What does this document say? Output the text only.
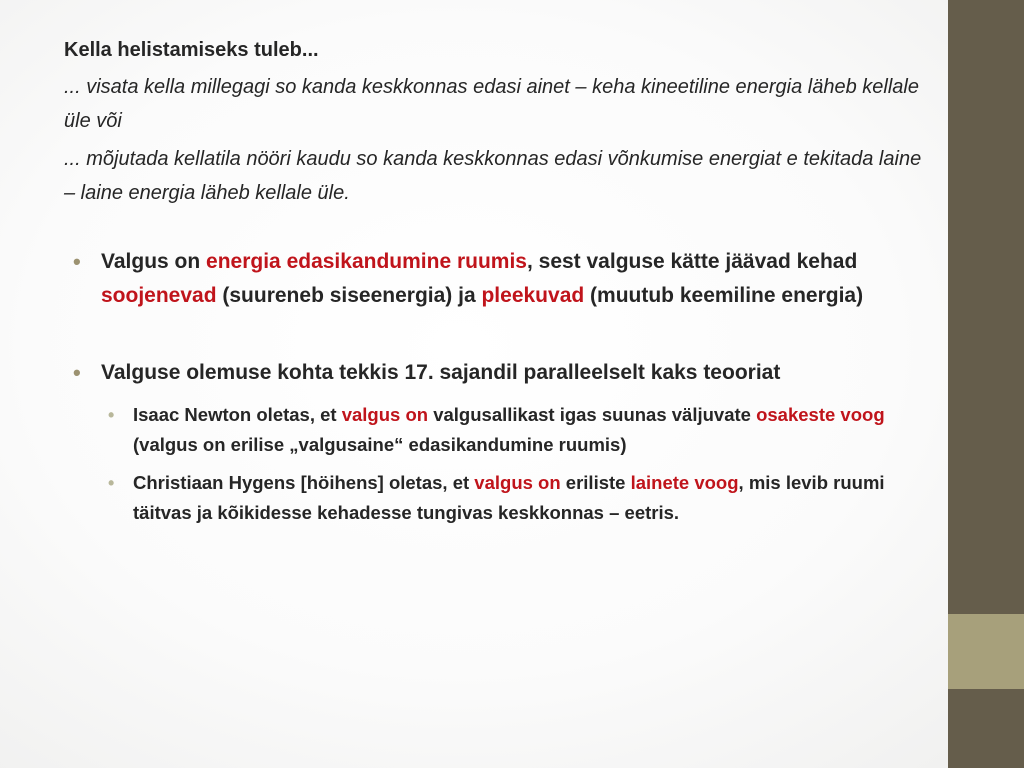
Kella helistamiseks tuleb...

... visata kella millegagi so kanda keskkonnas edasi ainet – keha kineetiline energia läheb kellale üle või

... mõjutada kellatila nööri kaudu so kanda keskkonnas edasi võnkumise energiat e tekitada laine – laine energia läheb kellale üle.

• Valgus on energia edasikandumine ruumis, sest valguse kätte jäävad kehad soojenevad (suureneb siseenergia) ja pleekuvad (muutub keemiline energia)
• Valguse olemuse kohta tekkis 17. sajandil paralleelselt kaks teooriat
• Isaac Newton oletas, et valgus on valgusallikast igas suunas väljuvate osakeste voog (valgus on erilise „valgusaine“ edasikandumine ruumis)
• Christiaan Hygens [höihens] oletas, et valgus on eriliste lainete voog, mis levib ruumi täitvas ja kõikidesse kehadesse tungivas keskkonnas – eetris.
